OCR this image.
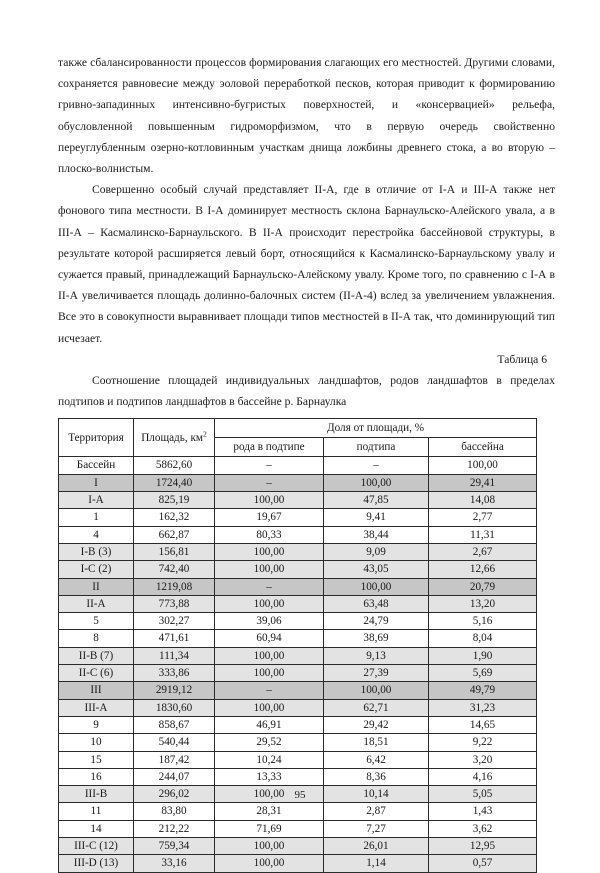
также сбалансированности процессов формирования слагающих его местностей. Другими словами, сохраняется равновесие между эоловой переработкой песков, которая приводит к формированию гривно-западинных интенсивно-бугристых поверхностей, и «консервацией» рельефа, обусловленной повышенным гидроморфизмом, что в первую очередь свойственно переуглубленным озерно-котловинным участкам днища ложбины древнего стока, а во вторую – плоско-волнистым.

Совершенно особый случай представляет II-А, где в отличие от I-А и III-А также нет фонового типа местности. В I-А доминирует местность склона Барнаульско-Алейского увала, а в III-А – Касмалинско-Барнаульского. В II-А происходит перестройка бассейновой структуры, в результате которой расширяется левый борт, относящийся к Касмалинско-Барнаульскому увалу и сужается правый, принадлежащий Барнаульско-Алейскому увалу. Кроме того, по сравнению с I-А в II-А увеличивается площадь долинно-балочных систем (II-А-4) вслед за увеличением увлажнения. Все это в совокупности выравнивает площади типов местностей в II-А так, что доминирующий тип исчезает.

Таблица 6

Соотношение площадей индивидуальных ландшафтов, родов ландшафтов в пределах подтипов и подтипов ландшафтов в бассейне р. Барнаулка

Территория	Площадь, $км^2$	Доля от площади, %		
		рода в подтипе	подтипа	бассейна
Бассейн	5862,60	–	–	100,00
I	1724,40	–	100,00	29,41
I-А	825,19	100,00	47,85	14,08
1	162,32	19,67	9,41	2,77
4	662,87	80,33	38,44	11,31
I-В (3)	156,81	100,00	9,09	2,67
I-С (2)	742,40	100,00	43,05	12,66
II	1219,08	–	100,00	20,79
II-А	773,88	100,00	63,48	13,20
5	302,27	39,06	24,79	5,16
8	471,61	60,94	38,69	8,04
II-В (7)	111,34	100,00	9,13	1,90
II-С (6)	333,86	100,00	27,39	5,69
III	2919,12	–	100,00	49,79
III-А	1830,60	100,00	62,71	31,23
9	858,67	46,91	29,42	14,65
10	540,44	29,52	18,51	9,22
15	187,42	10,24	6,42	3,20
16	244,07	13,33	8,36	4,16
III-В	296,02	100,00	10,14	5,05
11	83,80	28,31	2,87	1,43
14	212,22	71,69	7,27	3,62
III-С (12)	759,34	100,00	26,01	12,95
III-D (13)	33,16	100,00	1,14	0,57
95
